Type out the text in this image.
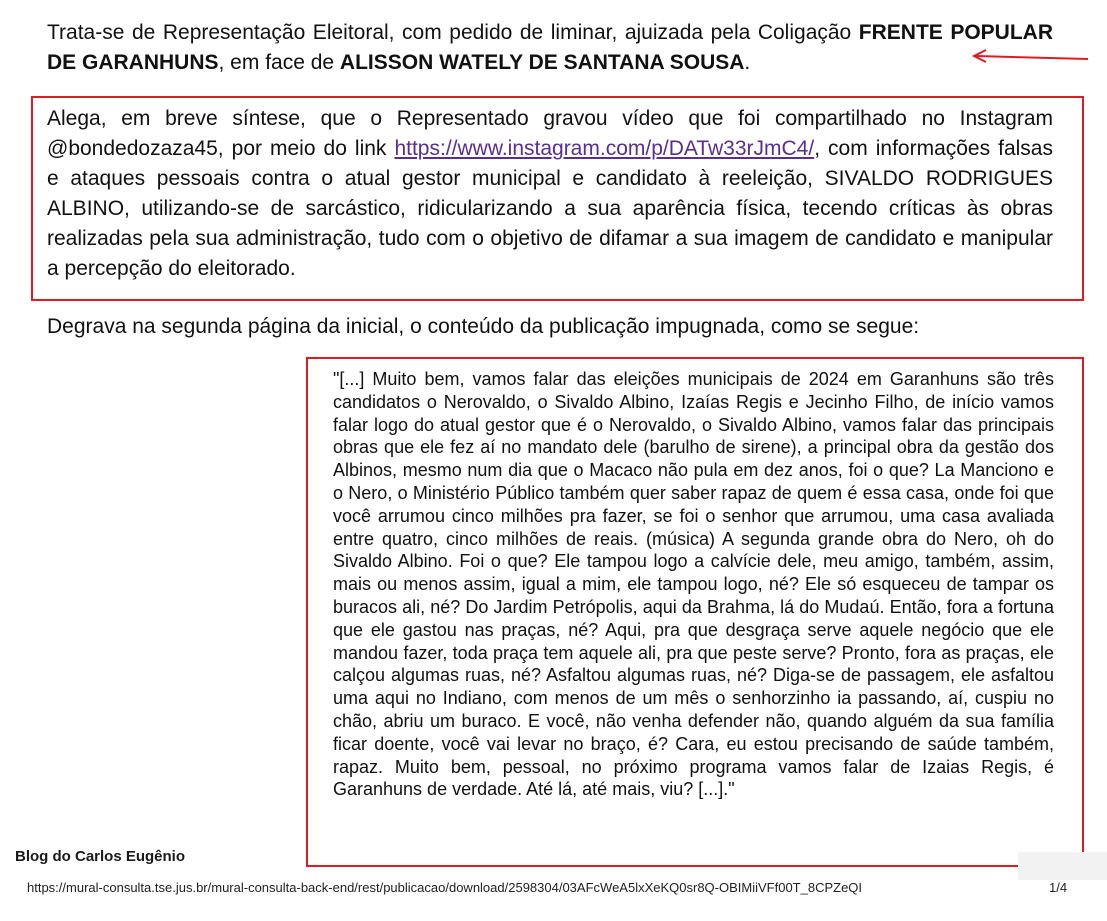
Trata-se de Representação Eleitoral, com pedido de liminar, ajuizada pela Coligação FRENTE POPULAR DE GARANHUNS, em face de ALISSON WATELY DE SANTANA SOUSA.

Alega, em breve síntese, que o Representado gravou vídeo que foi compartilhado no Instagram @bondedozaza45, por meio do link https://www.instagram.com/p/DATw33rJmC4/, com informações falsas e ataques pessoais contra o atual gestor municipal e candidato à reeleição, SIVALDO RODRIGUES ALBINO, utilizando-se de sarcástico, ridicularizando a sua aparência física, tecendo críticas às obras realizadas pela sua administração, tudo com o objetivo de difamar a sua imagem de candidato e manipular a percepção do eleitorado.

Degrava na segunda página da inicial, o conteúdo da publicação impugnada, como se segue:

"[...] Muito bem, vamos falar das eleições municipais de 2024 em Garanhuns são três candidatos o Nerovaldo, o Sivaldo Albino, Izaías Regis e Jecinho Filho, de início vamos falar logo do atual gestor que é o Nerovaldo, o Sivaldo Albino, vamos falar das principais obras que ele fez aí no mandato dele (barulho de sirene), a principal obra da gestão dos Albinos, mesmo num dia que o Macaco não pula em dez anos, foi o que? La Manciono e o Nero, o Ministério Público também quer saber rapaz de quem é essa casa, onde foi que você arrumou cinco milhões pra fazer, se foi o senhor que arrumou, uma casa avaliada entre quatro, cinco milhões de reais. (música) A segunda grande obra do Nero, oh do Sivaldo Albino. Foi o que? Ele tampou logo a calvície dele, meu amigo, também, assim, mais ou menos assim, igual a mim, ele tampou logo, né? Ele só esqueceu de tampar os buracos ali, né? Do Jardim Petrópolis, aqui da Brahma, lá do Mudaú. Então, fora a fortuna que ele gastou nas praças, né? Aqui, pra que desgraça serve aquele negócio que ele mandou fazer, toda praça tem aquele ali, pra que peste serve? Pronto, fora as praças, ele calçou algumas ruas, né? Asfaltou algumas ruas, né? Diga-se de passagem, ele asfaltou uma aqui no Indiano, com menos de um mês o senhorzinho ia passando, aí, cuspiu no chão, abriu um buraco. E você, não venha defender não, quando alguém da sua família ficar doente, você vai levar no braço, é? Cara, eu estou precisando de saúde também, rapaz. Muito bem, pessoal, no próximo programa vamos falar de Izaias Regis, é Garanhuns de verdade. Até lá, até mais, viu? [...]."

Blog do Carlos Eugênio
https://mural-consulta.tse.jus.br/mural-consulta-back-end/rest/publicacao/download/2598304/03AFcWeA5lxXeKQ0sr8Q-OBIMiiVFf00T_8CPZeQI	1/4
